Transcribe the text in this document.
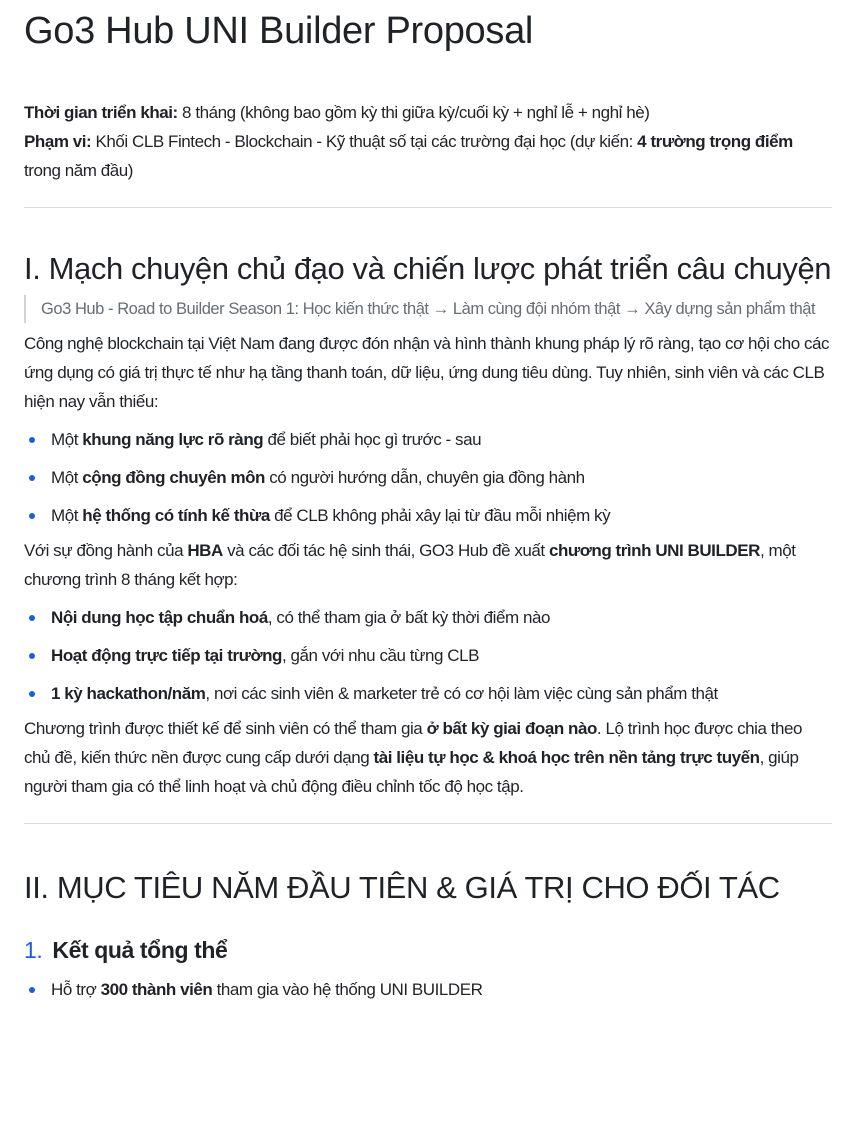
Go3 Hub UNI Builder Proposal

Thời gian triển khai: 8 tháng (không bao gồm kỳ thi giữa kỳ/cuối kỳ + nghỉ lễ + nghỉ hè)

Phạm vi: Khối CLB Fintech - Blockchain - Kỹ thuật số tại các trường đại học (dự kiến: 4 trường trọng điểm trong năm đầu)

I. Mạch chuyện chủ đạo và chiến lược phát triển câu chuyện
Go3 Hub - Road to Builder Season 1: Học kiến thức thật → Làm cùng đội nhóm thật → Xây dựng sản phẩm thật

Công nghệ blockchain tại Việt Nam đang được đón nhận và hình thành khung pháp lý rõ ràng, tạo cơ hội cho các ứng dụng có giá trị thực tế như hạ tầng thanh toán, dữ liệu, ứng dung tiêu dùng. Tuy nhiên, sinh viên và các CLB hiện nay vẫn thiếu:

Một khung năng lực rõ ràng để biết phải học gì trước - sau
Một cộng đồng chuyên môn có người hướng dẫn, chuyên gia đồng hành
Một hệ thống có tính kế thừa để CLB không phải xây lại từ đầu mỗi nhiệm kỳ

Với sự đồng hành của HBA và các đối tác hệ sinh thái, GO3 Hub đề xuất chương trình UNI BUILDER, một chương trình 8 tháng kết hợp:

Nội dung học tập chuẩn hoá, có thể tham gia ở bất kỳ thời điểm nào
Hoạt động trực tiếp tại trường, gắn với nhu cầu từng CLB
1 kỳ hackathon/năm, nơi các sinh viên & marketer trẻ có cơ hội làm việc cùng sản phẩm thật

Chương trình được thiết kế để sinh viên có thể tham gia ở bất kỳ giai đoạn nào. Lộ trình học được chia theo chủ đề, kiến thức nền được cung cấp dưới dạng tài liệu tự học & khoá học trên nền tảng trực tuyến, giúp người tham gia có thể linh hoạt và chủ động điều chỉnh tốc độ học tập.

II. MỤC TIÊU NĂM ĐẦU TIÊN & GIÁ TRỊ CHO ĐỐI TÁC
1. Kết quả tổng thể
Hỗ trợ 300 thành viên tham gia vào hệ thống UNI BUILDER
